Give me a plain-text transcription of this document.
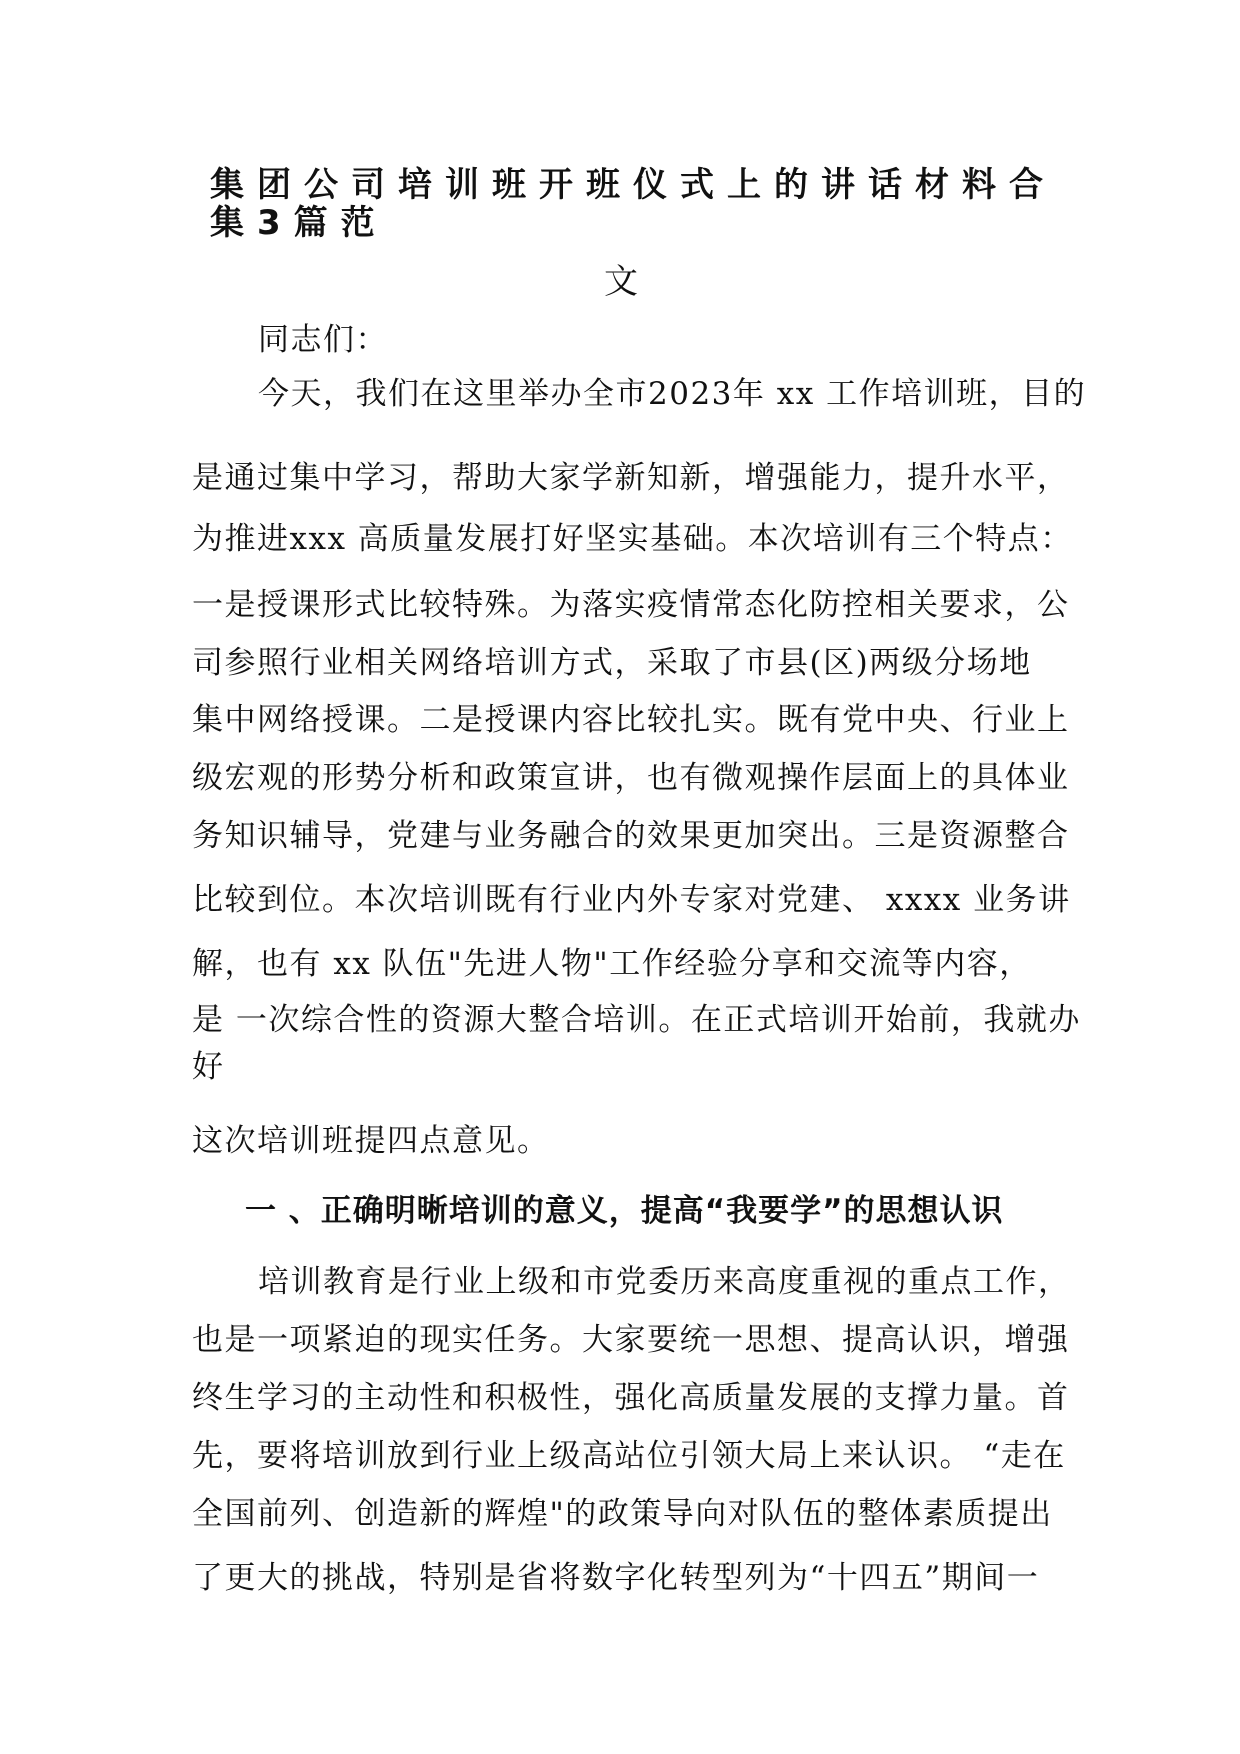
集团公司培训班开班仪式上的讲话材料合
集3篇范
文
同志们：
今天，我们在这里举办全市2023年 xx 工作培训班，目的
是通过集中学习，帮助大家学新知新，增强能力，提升水平，
为推进xxx 高质量发展打好坚实基础。本次培训有三个特点：
一是授课形式比较特殊。为落实疫情常态化防控相关要求，公
司参照行业相关网络培训方式，采取了市县(区)两级分场地
集中网络授课。二是授课内容比较扎实。既有党中央、行业上
级宏观的形势分析和政策宣讲，也有微观操作层面上的具体业
务知识辅导，党建与业务融合的效果更加突出。三是资源整合
比较到位。本次培训既有行业内外专家对党建、 xxxx 业务讲
解，也有 xx 队伍"先进人物"工作经验分享和交流等内容，
是 一次综合性的资源大整合培训。在正式培训开始前，我就办
好
这次培训班提四点意见。
一 、正确明晰培训的意义，提高“我要学”的思想认识
培训教育是行业上级和市党委历来高度重视的重点工作，
也是一项紧迫的现实任务。大家要统一思想、提高认识，增强
终生学习的主动性和积极性，强化高质量发展的支撑力量。首
先，要将培训放到行业上级高站位引领大局上来认识。 “走在
全国前列、创造新的辉煌"的政策导向对队伍的整体素质提出
了更大的挑战，特别是省将数字化转型列为“十四五”期间一
